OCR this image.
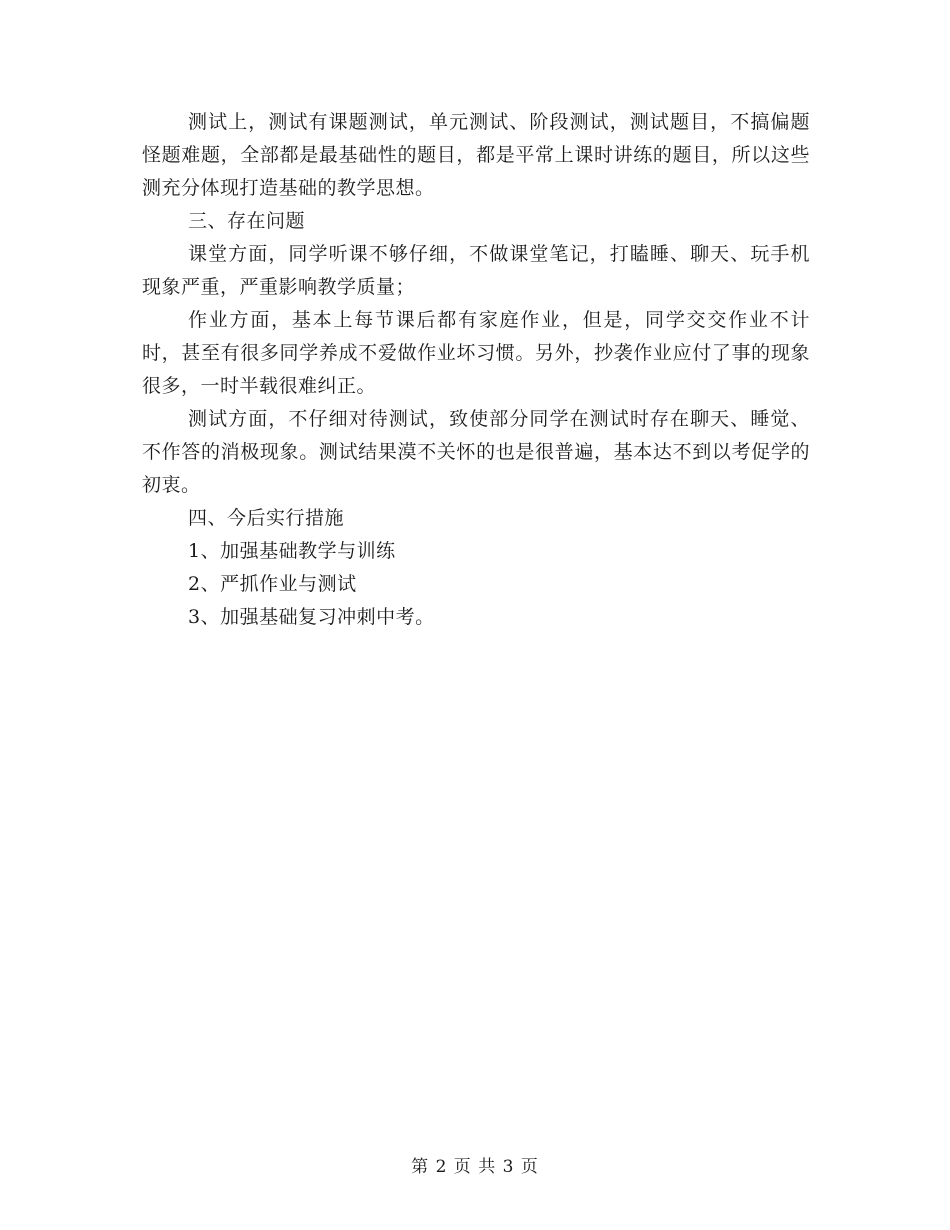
测试上，测试有课题测试，单元测试、阶段测试，测试题目，不搞偏题怪题难题，全部都是最基础性的题目，都是平常上课时讲练的题目，所以这些测充分体现打造基础的教学思想。

三、存在问题

课堂方面，同学听课不够仔细，不做课堂笔记，打瞌睡、聊天、玩手机现象严重，严重影响教学质量；

作业方面，基本上每节课后都有家庭作业，但是，同学交交作业不计时，甚至有很多同学养成不爱做作业坏习惯。另外，抄袭作业应付了事的现象很多，一时半载很难纠正。

测试方面，不仔细对待测试，致使部分同学在测试时存在聊天、睡觉、不作答的消极现象。测试结果漠不关怀的也是很普遍，基本达不到以考促学的初衷。

四、今后实行措施

1、加强基础教学与训练

2、严抓作业与测试

3、加强基础复习冲刺中考。

第 2 页 共 3 页
